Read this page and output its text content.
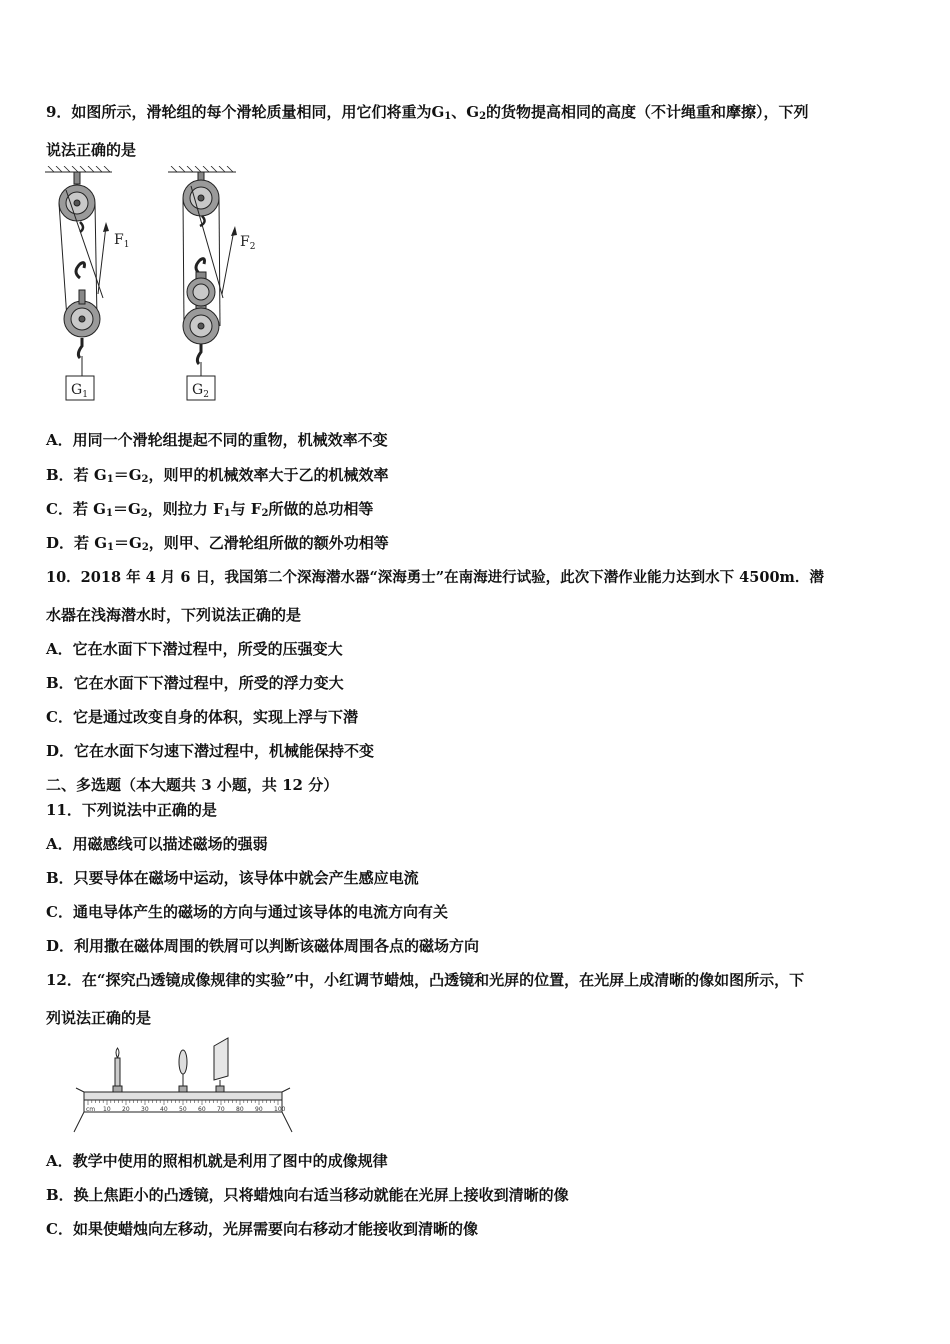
9．如图所示，滑轮组的每个滑轮质量相同，用它们将重为$G_1$、$G_2$的货物提高相同的高度（不计绳重和摩擦），下列
说法正确的是
$F_1$
$G_1$
$F_2$
$G_2$
A．用同一个滑轮组提起不同的重物，机械效率不变
B．若 $G_1=G_2$，则甲的机械效率大于乙的机械效率
C．若 $G_1=G_2$，则拉力 $F_1$与 $F_2$所做的总功相等
D．若 $G_1=G_2$，则甲、乙滑轮组所做的额外功相等
10．2018 年 4 月 6 日，我国第二个深海潜水器“深海勇士”在南海进行试验，此次下潜作业能力达到水下 4500m．潜
水器在浅海潜水时，下列说法正确的是
A．它在水面下下潜过程中，所受的压强变大
B．它在水面下下潜过程中，所受的浮力变大
C．它是通过改变自身的体积，实现上浮与下潜
D．它在水面下匀速下潜过程中，机械能保持不变
二、多选题（本大题共 3 小题，共 12 分）
11．下列说法中正确的是
A．用磁感线可以描述磁场的强弱
B．只要导体在磁场中运动，该导体中就会产生感应电流
C．通电导体产生的磁场的方向与通过该导体的电流方向有关
D．利用撒在磁体周围的铁屑可以判断该磁体周围各点的磁场方向
12．在“探究凸透镜成像规律的实验”中，小红调节蜡烛，凸透镜和光屏的位置，在光屏上成清晰的像如图所示，下
列说法正确的是
cm 10 20 30 40 50 60 70 80 90 100
A．教学中使用的照相机就是利用了图中的成像规律
B．换上焦距小的凸透镜，只将蜡烛向右适当移动就能在光屏上接收到清晰的像
C．如果使蜡烛向左移动，光屏需要向右移动才能接收到清晰的像
